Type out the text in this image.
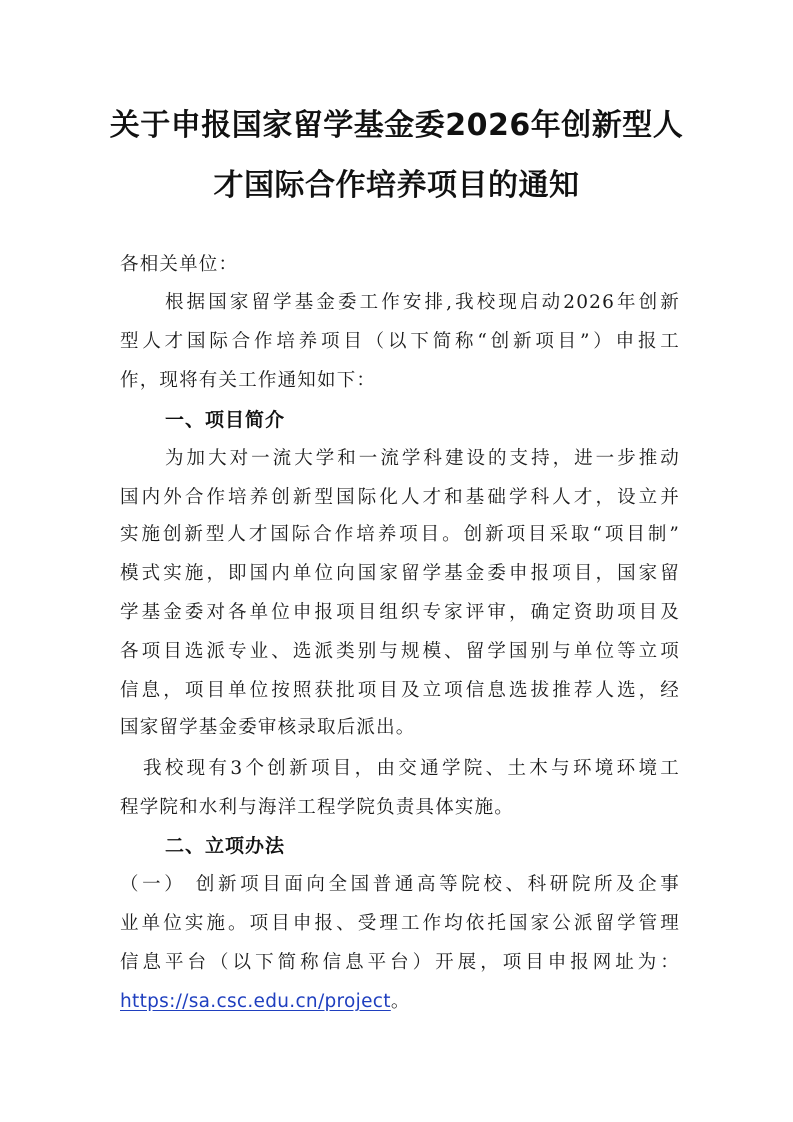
关于申报国家留学基金委2026年创新型人
才国际合作培养项目的通知
各相关单位：
根据国家留学基金委工作安排,我校现启动2026年创新
型人才国际合作培养项目（以下简称“创新项目”）申报工
作，现将有关工作通知如下：
一、项目简介
为加大对一流大学和一流学科建设的支持，进一步推动
国内外合作培养创新型国际化人才和基础学科人才，设立并
实施创新型人才国际合作培养项目。创新项目采取“项目制”
模式实施，即国内单位向国家留学基金委申报项目，国家留
学基金委对各单位申报项目组织专家评审，确定资助项目及
各项目选派专业、选派类别与规模、留学国别与单位等立项
信息，项目单位按照获批项目及立项信息选拔推荐人选，经
国家留学基金委审核录取后派出。
我校现有3个创新项目，由交通学院、土木与环境环境工
程学院和水利与海洋工程学院负责具体实施。
二、立项办法
（一） 创新项目面向全国普通高等院校、科研院所及企事
业单位实施。项目申报、受理工作均依托国家公派留学管理
信息平台（以下简称信息平台）开展，项目申报网址为：
https://sa.csc.edu.cn/project。
